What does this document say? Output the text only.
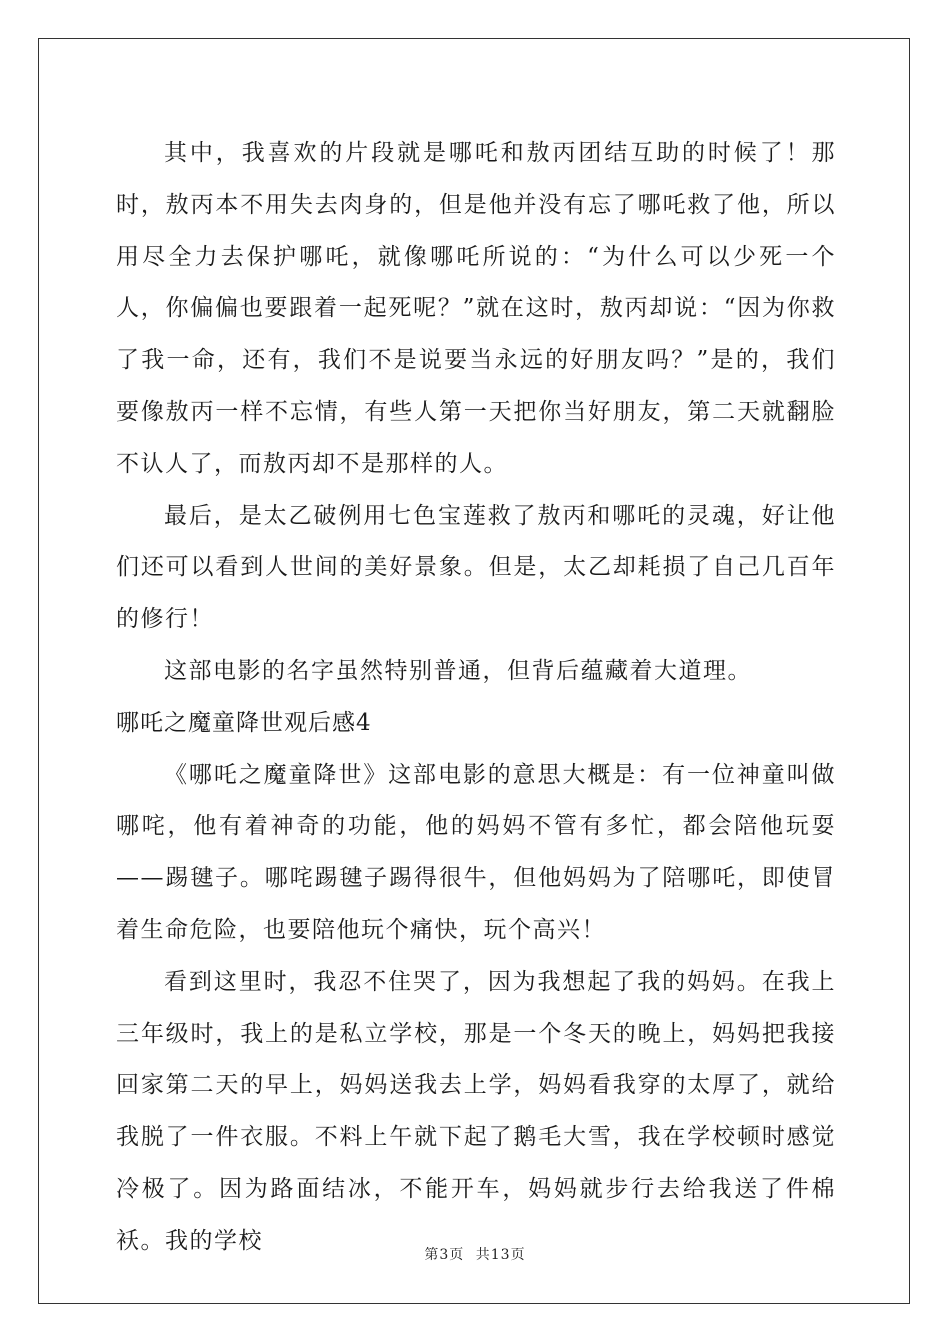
其中，我喜欢的片段就是哪吒和敖丙团结互助的时候了！那时，敖丙本不用失去肉身的，但是他并没有忘了哪吒救了他，所以用尽全力去保护哪吒，就像哪吒所说的：“为什么可以少死一个人，你偏偏也要跟着一起死呢？”就在这时，敖丙却说：“因为你救了我一命，还有，我们不是说要当永远的好朋友吗？”是的，我们要像敖丙一样不忘情，有些人第一天把你当好朋友，第二天就翻脸不认人了，而敖丙却不是那样的人。

最后，是太乙破例用七色宝莲救了敖丙和哪吒的灵魂，好让他们还可以看到人世间的美好景象。但是，太乙却耗损了自己几百年的修行！

这部电影的名字虽然特别普通，但背后蕴藏着大道理。

哪吒之魔童降世观后感4

《哪吒之魔童降世》这部电影的意思大概是：有一位神童叫做哪咤，他有着神奇的功能，他的妈妈不管有多忙，都会陪他玩耍——踢毽子。哪咤踢毽子踢得很牛，但他妈妈为了陪哪吒，即使冒着生命危险，也要陪他玩个痛快，玩个高兴！

看到这里时，我忍不住哭了，因为我想起了我的妈妈。在我上三年级时，我上的是私立学校，那是一个冬天的晚上，妈妈把我接回家第二天的早上，妈妈送我去上学，妈妈看我穿的太厚了，就给我脱了一件衣服。不料上午就下起了鹅毛大雪，我在学校顿时感觉冷极了。因为路面结冰，不能开车，妈妈就步行去给我送了件棉袄。我的学校

第3页 共13页
